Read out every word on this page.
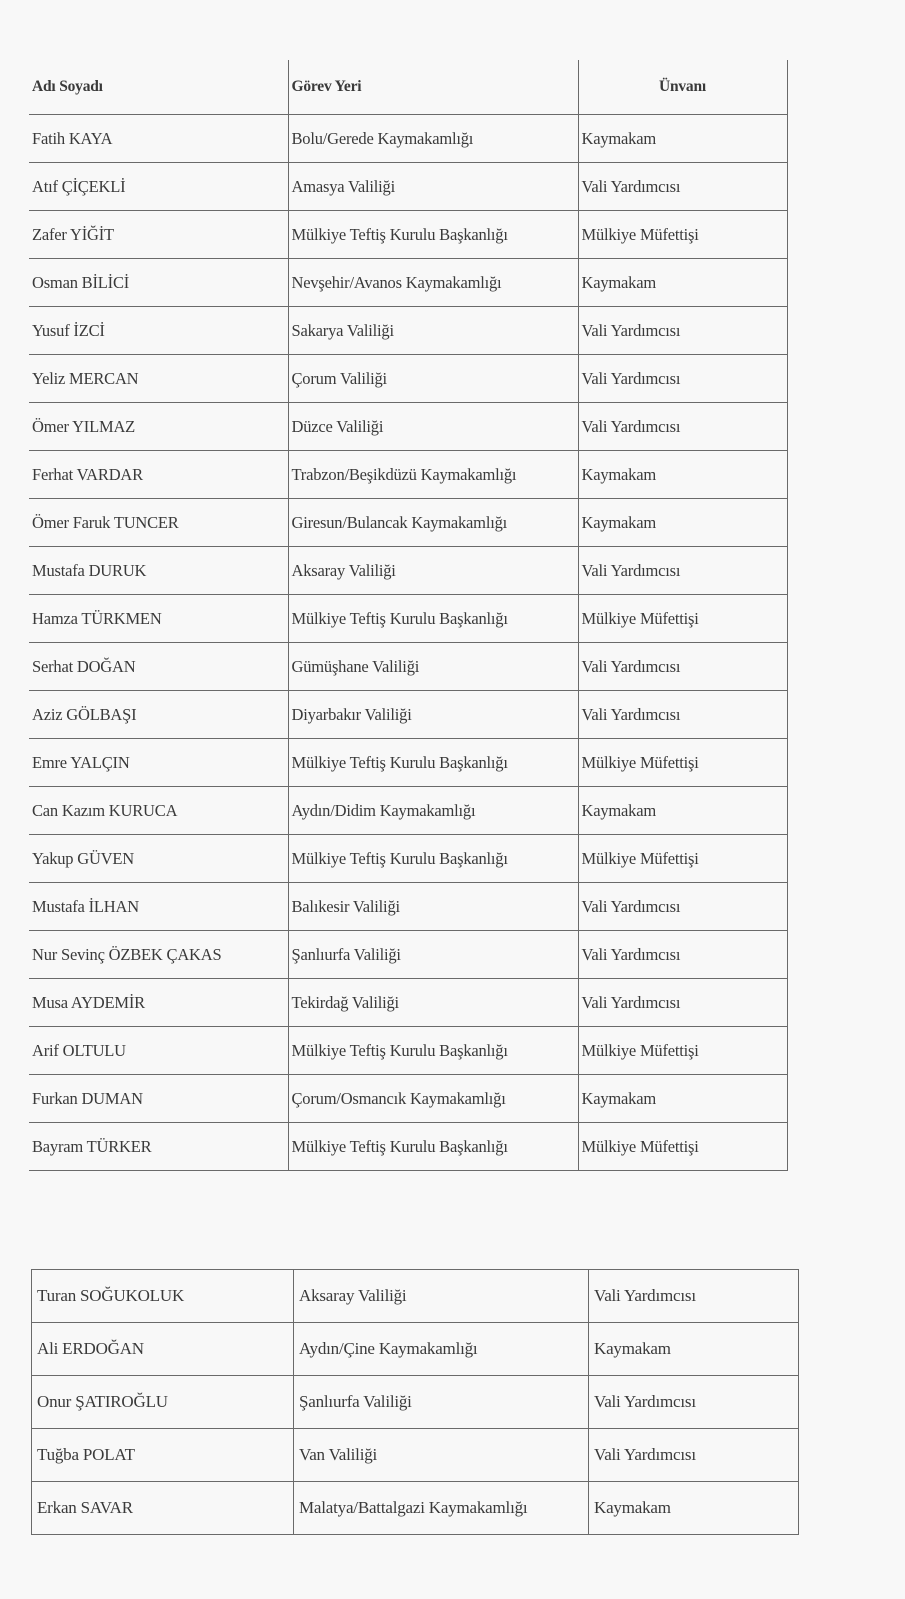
Adı Soyadı	Görev Yeri	Ünvanı
Fatih KAYA	Bolu/Gerede Kaymakamlığı	Kaymakam
Atıf ÇİÇEKLİ	Amasya Valiliği	Vali Yardımcısı
Zafer YİĞİT	Mülkiye Teftiş Kurulu Başkanlığı	Mülkiye Müfettişi
Osman BİLİCİ	Nevşehir/Avanos Kaymakamlığı	Kaymakam
Yusuf İZCİ	Sakarya Valiliği	Vali Yardımcısı
Yeliz MERCAN	Çorum Valiliği	Vali Yardımcısı
Ömer YILMAZ	Düzce Valiliği	Vali Yardımcısı
Ferhat VARDAR	Trabzon/Beşikdüzü Kaymakamlığı	Kaymakam
Ömer Faruk TUNCER	Giresun/Bulancak Kaymakamlığı	Kaymakam
Mustafa DURUK	Aksaray Valiliği	Vali Yardımcısı
Hamza TÜRKMEN	Mülkiye Teftiş Kurulu Başkanlığı	Mülkiye Müfettişi
Serhat DOĞAN	Gümüşhane Valiliği	Vali Yardımcısı
Aziz GÖLBAŞI	Diyarbakır Valiliği	Vali Yardımcısı
Emre YALÇIN	Mülkiye Teftiş Kurulu Başkanlığı	Mülkiye Müfettişi
Can Kazım KURUCA	Aydın/Didim Kaymakamlığı	Kaymakam
Yakup GÜVEN	Mülkiye Teftiş Kurulu Başkanlığı	Mülkiye Müfettişi
Mustafa İLHAN	Balıkesir Valiliği	Vali Yardımcısı
Nur Sevinç ÖZBEK ÇAKAS	Şanlıurfa Valiliği	Vali Yardımcısı
Musa AYDEMİR	Tekirdağ Valiliği	Vali Yardımcısı
Arif OLTULU	Mülkiye Teftiş Kurulu Başkanlığı	Mülkiye Müfettişi
Furkan DUMAN	Çorum/Osmancık Kaymakamlığı	Kaymakam
Bayram TÜRKER	Mülkiye Teftiş Kurulu Başkanlığı	Mülkiye Müfettişi
Turan SOĞUKOLUK	Aksaray Valiliği	Vali Yardımcısı
Ali ERDOĞAN	Aydın/Çine Kaymakamlığı	Kaymakam
Onur ŞATIROĞLU	Şanlıurfa Valiliği	Vali Yardımcısı
Tuğba POLAT	Van Valiliği	Vali Yardımcısı
Erkan SAVAR	Malatya/Battalgazi Kaymakamlığı	Kaymakam
